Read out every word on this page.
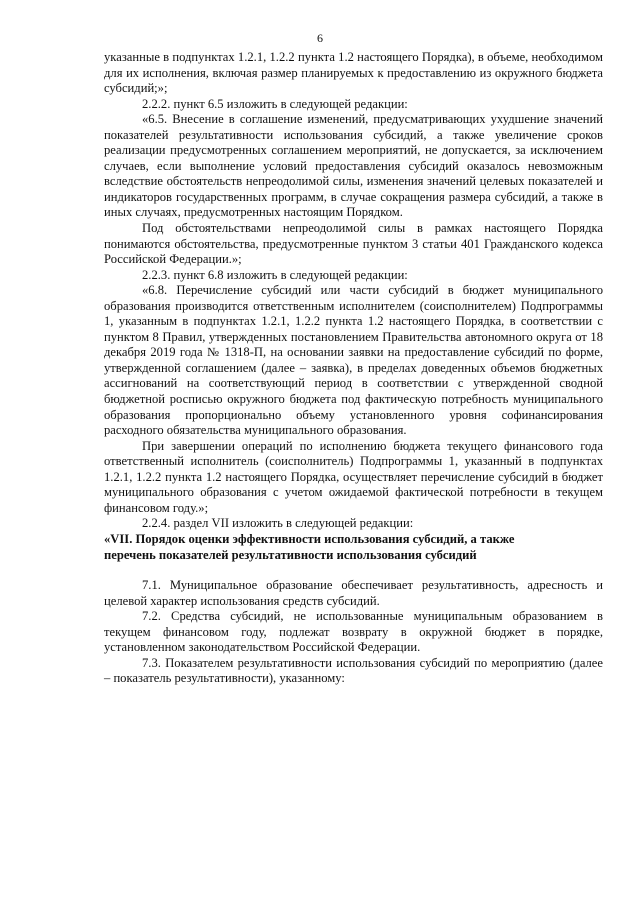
6

указанные в подпунктах 1.2.1, 1.2.2 пункта 1.2 настоящего Порядка), в объеме, необходимом для их исполнения, включая размер планируемых к предоставлению из окружного бюджета субсидий;»;

2.2.2. пункт 6.5 изложить в следующей редакции:

«6.5. Внесение в соглашение изменений, предусматривающих ухудшение значений показателей результативности использования субсидий, а также увеличение сроков реализации предусмотренных соглашением мероприятий, не допускается, за исключением случаев, если выполнение условий предоставления субсидий оказалось невозможным вследствие обстоятельств непреодолимой силы, изменения значений целевых показателей и индикаторов государственных программ, в случае сокращения размера субсидий, а также в иных случаях, предусмотренных настоящим Порядком.

Под обстоятельствами непреодолимой силы в рамках настоящего Порядка понимаются обстоятельства, предусмотренные пунктом 3 статьи 401 Гражданского кодекса Российской Федерации.»;

2.2.3. пункт 6.8 изложить в следующей редакции:

«6.8. Перечисление субсидий или части субсидий в бюджет муниципального образования производится ответственным исполнителем (соисполнителем) Подпрограммы 1, указанным в подпунктах 1.2.1, 1.2.2 пункта 1.2 настоящего Порядка, в соответствии с пунктом 8 Правил, утвержденных постановлением Правительства автономного округа от 18 декабря 2019 года № 1318-П, на основании заявки на предоставление субсидий по форме, утвержденной соглашением (далее – заявка), в пределах доведенных объемов бюджетных ассигнований на соответствующий период в соответствии с утвержденной сводной бюджетной росписью окружного бюджета под фактическую потребность муниципального образования пропорционально объему установленного уровня софинансирования расходного обязательства муниципального образования.

При завершении операций по исполнению бюджета текущего финансового года ответственный исполнитель (соисполнитель) Подпрограммы 1, указанный в подпунктах 1.2.1, 1.2.2 пункта 1.2 настоящего Порядка, осуществляет перечисление субсидий в бюджет муниципального образования с учетом ожидаемой фактической потребности в текущем финансовом году.»;

2.2.4. раздел VII изложить в следующей редакции:

«VII. Порядок оценки эффективности использования субсидий, а также

перечень показателей результативности использования субсидий

7.1. Муниципальное образование обеспечивает результативность, адресность и целевой характер использования средств субсидий.

7.2. Средства субсидий, не использованные муниципальным образованием в текущем финансовом году, подлежат возврату в окружной бюджет в порядке, установленном законодательством Российской Федерации.

7.3. Показателем результативности использования субсидий по мероприятию (далее – показатель результативности), указанному:
